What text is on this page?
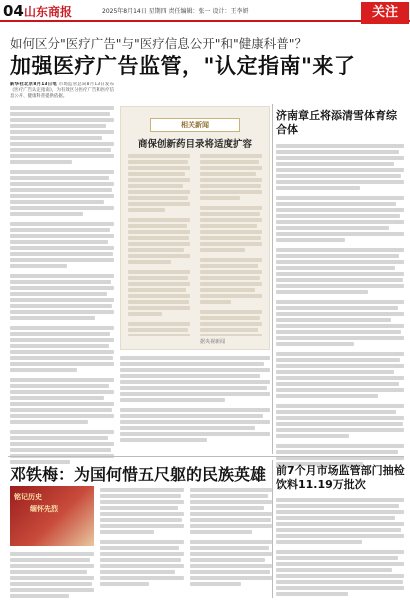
04 山东商报	2025年8月14日 星期四 责任编辑：张一 设计：王李妍	关注
如何区分"医疗广告"与"医疗信息公开"和"健康科普"？
加强医疗广告监管，"认定指南"来了
新华社北京8月13日电 市场监管总局8月13日发布《医疗广告认定指南》，为有效区分医疗广告和医疗信息公开、健康科普提供依据。
相关新闻
商保创新药目录将适度扩容
据央视新闻
济南章丘将添清雪体育综合体
邓铁梅：为国何惜五尺躯的民族英雄
铭记历史
缅怀先烈
前7个月市场监管部门抽检饮料11.19万批次
